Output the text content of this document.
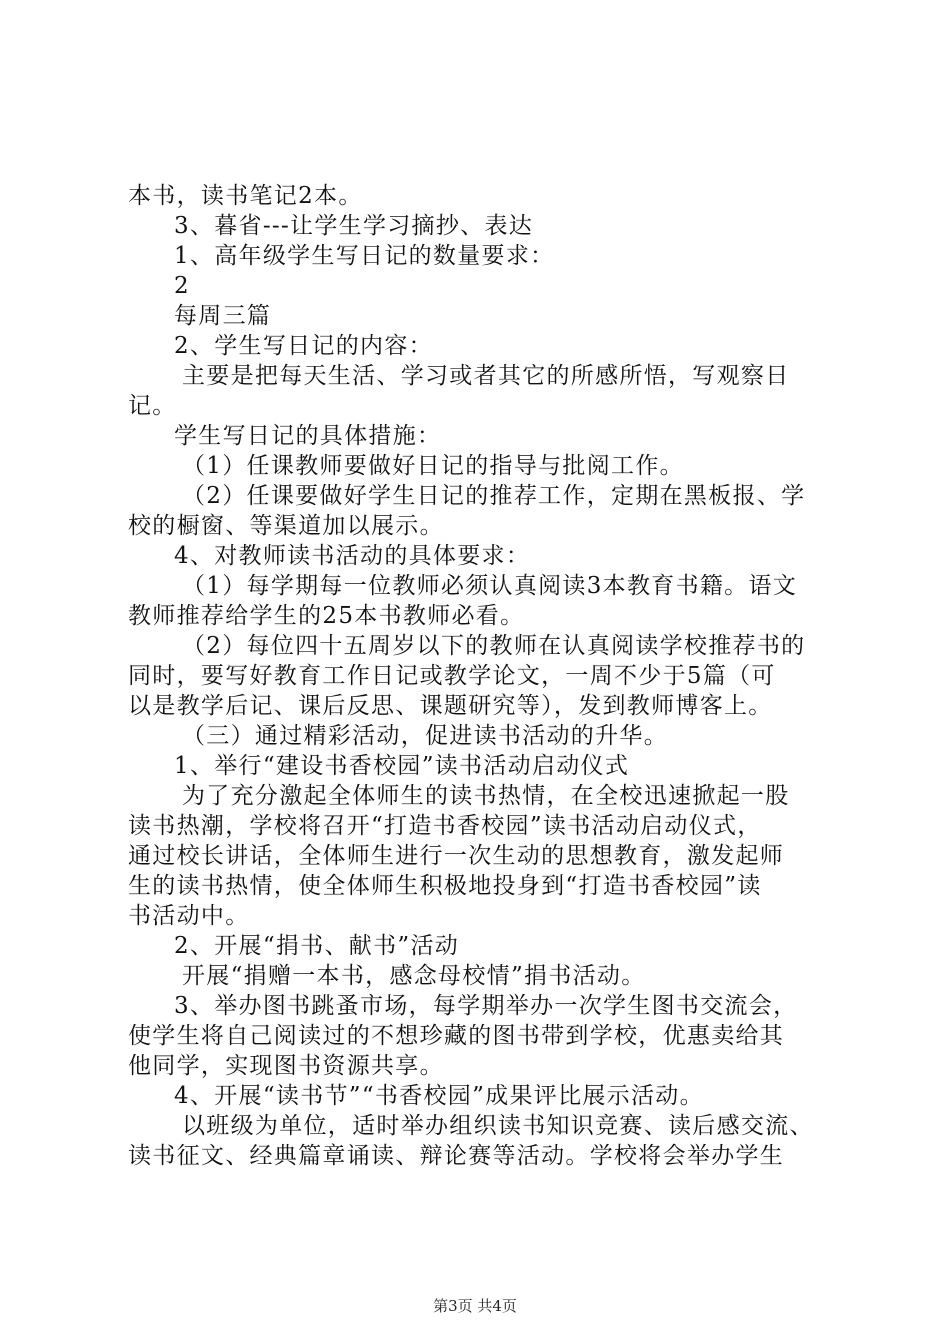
本书，读书笔记2本。
3、暮省---让学生学习摘抄、表达
1、高年级学生写日记的数量要求：
2
每周三篇
2、学生写日记的内容：
主要是把每天生活、学习或者其它的所感所悟，写观察日
记。
学生写日记的具体措施：
（1）任课教师要做好日记的指导与批阅工作。
（2）任课要做好学生日记的推荐工作，定期在黑板报、学
校的橱窗、等渠道加以展示。
4、对教师读书活动的具体要求：
（1）每学期每一位教师必须认真阅读3本教育书籍。语文
教师推荐给学生的25本书教师必看。
（2）每位四十五周岁以下的教师在认真阅读学校推荐书的
同时，要写好教育工作日记或教学论文，一周不少于5篇（可
以是教学后记、课后反思、课题研究等），发到教师博客上。
（三）通过精彩活动，促进读书活动的升华。
1、举行“建设书香校园”读书活动启动仪式
为了充分激起全体师生的读书热情，在全校迅速掀起一股
读书热潮，学校将召开“打造书香校园”读书活动启动仪式，
通过校长讲话，全体师生进行一次生动的思想教育，激发起师
生的读书热情，使全体师生积极地投身到“打造书香校园”读
书活动中。
2、开展“捐书、献书”活动
开展“捐赠一本书，感念母校情”捐书活动。
3、举办图书跳蚤市场，每学期举办一次学生图书交流会，
使学生将自己阅读过的不想珍藏的图书带到学校，优惠卖给其
他同学，实现图书资源共享。
4、开展“读书节”“书香校园”成果评比展示活动。
以班级为单位，适时举办组织读书知识竞赛、读后感交流、
读书征文、经典篇章诵读、辩论赛等活动。学校将会举办学生
第3页 共4页
